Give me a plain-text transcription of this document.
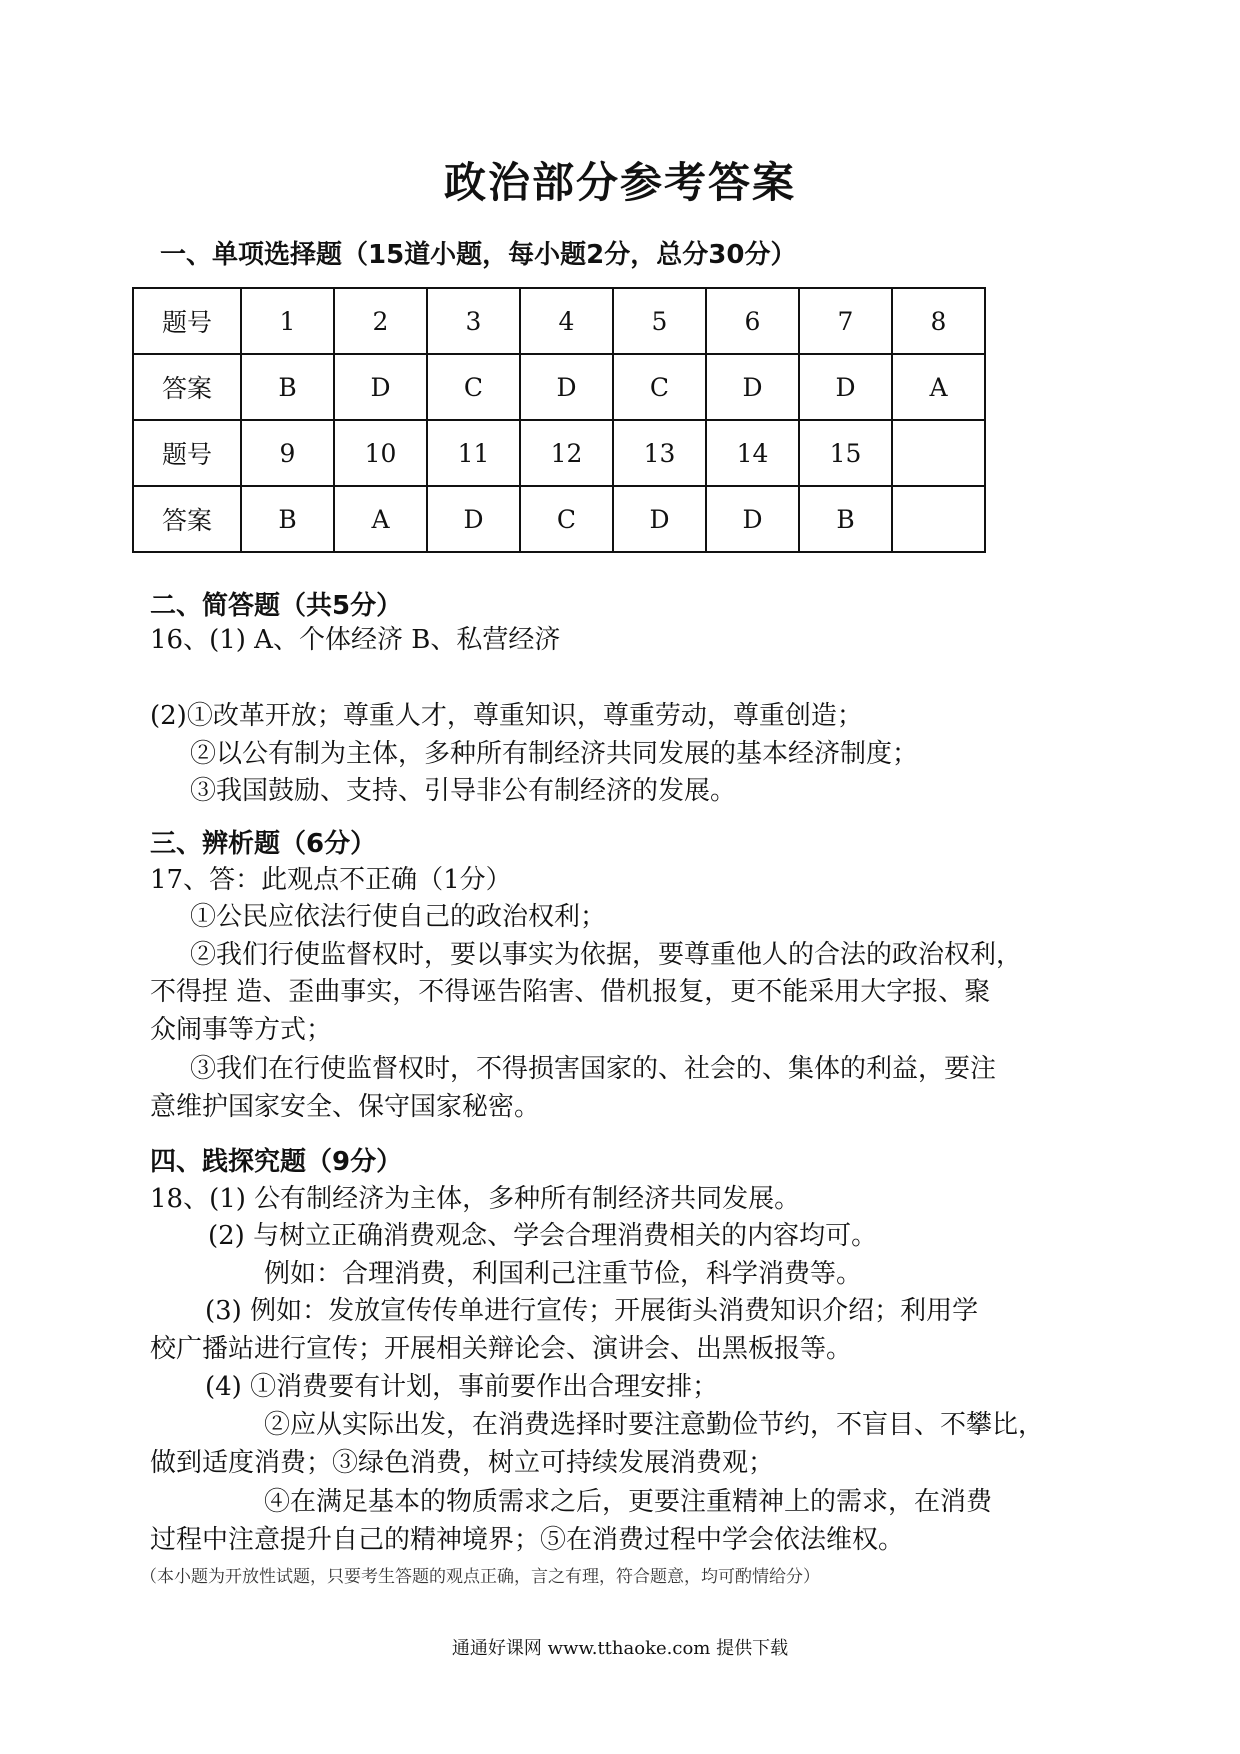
政治部分参考答案
一、单项选择题（15道小题，每小题2分，总分30分）
题号	1	2	3	4	5	6	7	8
答案	B	D	C	D	C	D	D	A
题号	9	10	11	12	13	14	15	
答案	B	A	D	C	D	D	B	
二、简答题（共5分）
16、(1) A、个体经济 B、私营经济
(2)①改革开放；尊重人才，尊重知识，尊重劳动，尊重创造；
②以公有制为主体，多种所有制经济共同发展的基本经济制度；
③我国鼓励、支持、引导非公有制经济的发展。
三、辨析题（6分）
17、答：此观点不正确（1分）
①公民应依法行使自己的政治权利；
②我们行使监督权时，要以事实为依据，要尊重他人的合法的政治权利，
不得捏 造、歪曲事实，不得诬告陷害、借机报复，更不能采用大字报、聚
众闹事等方式；
③我们在行使监督权时，不得损害国家的、社会的、集体的利益，要注
意维护国家安全、保守国家秘密。
四、践探究题（9分）
18、(1) 公有制经济为主体，多种所有制经济共同发展。
(2) 与树立正确消费观念、学会合理消费相关的内容均可。
例如：合理消费，利国利己注重节俭，科学消费等。
(3) 例如：发放宣传传单进行宣传；开展街头消费知识介绍；利用学
校广播站进行宣传；开展相关辩论会、演讲会、出黑板报等。
(4) ①消费要有计划，事前要作出合理安排；
②应从实际出发，在消费选择时要注意勤俭节约，不盲目、不攀比，
做到适度消费；③绿色消费，树立可持续发展消费观；
④在满足基本的物质需求之后，更要注重精神上的需求，在消费
过程中注意提升自己的精神境界；⑤在消费过程中学会依法维权。
（本小题为开放性试题，只要考生答题的观点正确，言之有理，符合题意，均可酌情给分）
通通好课网 www.tthaoke.com 提供下载
